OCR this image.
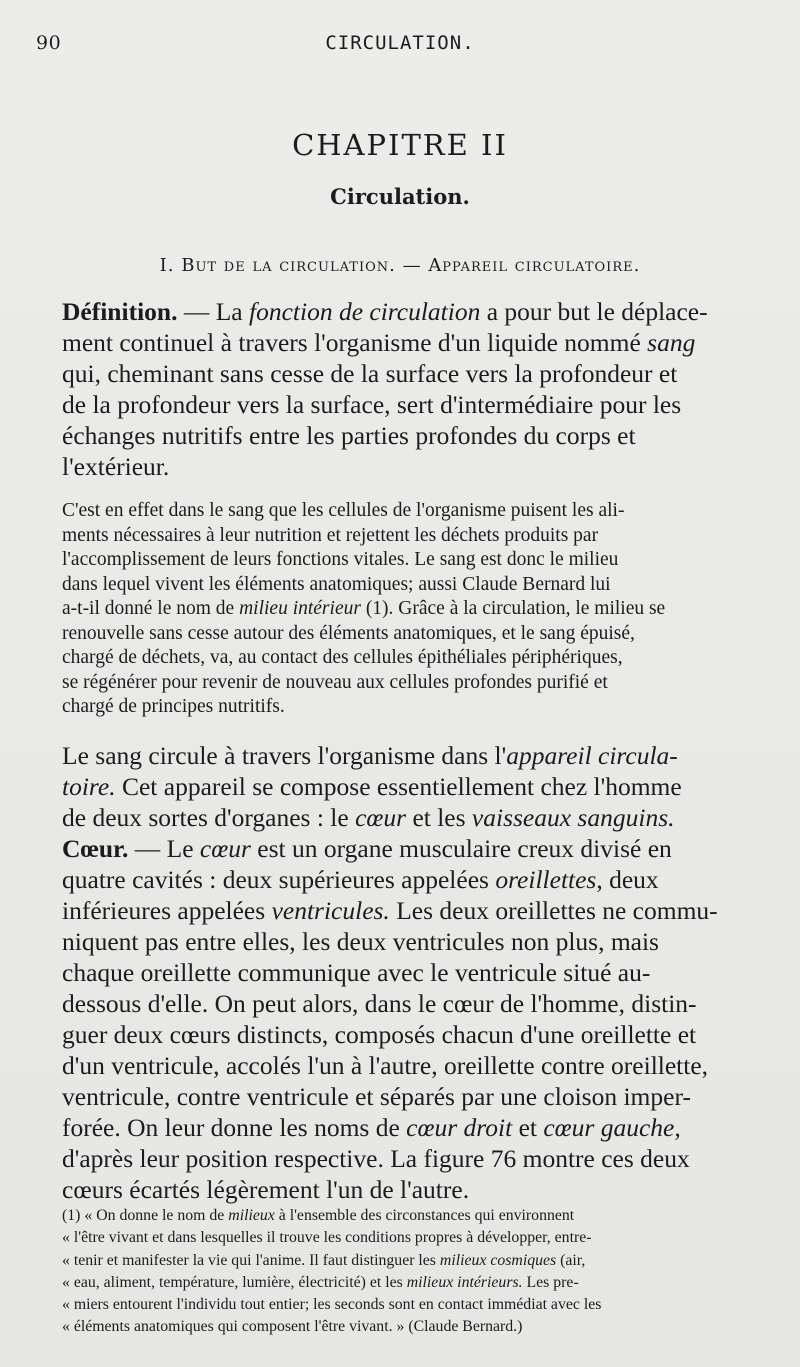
90	CIRCULATION.
CHAPITRE II
Circulation.
I. But de la circulation. — Appareil circulatoire.
Définition. — La fonction de circulation a pour but le déplace-
ment continuel à travers l'organisme d'un liquide nommé sang
qui, cheminant sans cesse de la surface vers la profondeur et
de la profondeur vers la surface, sert d'intermédiaire pour les
échanges nutritifs entre les parties profondes du corps et
l'extérieur.
C'est en effet dans le sang que les cellules de l'organisme puisent les ali-
ments nécessaires à leur nutrition et rejettent les déchets produits par
l'accomplissement de leurs fonctions vitales. Le sang est donc le milieu
dans lequel vivent les éléments anatomiques; aussi Claude Bernard lui
a-t-il donné le nom de milieu intérieur (1). Grâce à la circulation, le milieu se
renouvelle sans cesse autour des éléments anatomiques, et le sang épuisé,
chargé de déchets, va, au contact des cellules épithéliales périphériques,
se régénérer pour revenir de nouveau aux cellules profondes purifié et
chargé de principes nutritifs.
Le sang circule à travers l'organisme dans l'appareil circula-
toire. Cet appareil se compose essentiellement chez l'homme
de deux sortes d'organes : le cœur et les vaisseaux sanguins.
Cœur. — Le cœur est un organe musculaire creux divisé en
quatre cavités : deux supérieures appelées oreillettes, deux
inférieures appelées ventricules. Les deux oreillettes ne commu-
niquent pas entre elles, les deux ventricules non plus, mais
chaque oreillette communique avec le ventricule situé au-
dessous d'elle. On peut alors, dans le cœur de l'homme, distin-
guer deux cœurs distincts, composés chacun d'une oreillette et
d'un ventricule, accolés l'un à l'autre, oreillette contre oreillette,
ventricule, contre ventricule et séparés par une cloison imper-
forée. On leur donne les noms de cœur droit et cœur gauche,
d'après leur position respective. La figure 76 montre ces deux
cœurs écartés légèrement l'un de l'autre.
(1) « On donne le nom de milieux à l'ensemble des circonstances qui environnent
« l'être vivant et dans lesquelles il trouve les conditions propres à développer, entre-
« tenir et manifester la vie qui l'anime. Il faut distinguer les milieux cosmiques (air,
« eau, aliment, température, lumière, électricité) et les milieux intérieurs. Les pre-
« miers entourent l'individu tout entier; les seconds sont en contact immédiat avec les
« éléments anatomiques qui composent l'être vivant. » (Claude Bernard.)
